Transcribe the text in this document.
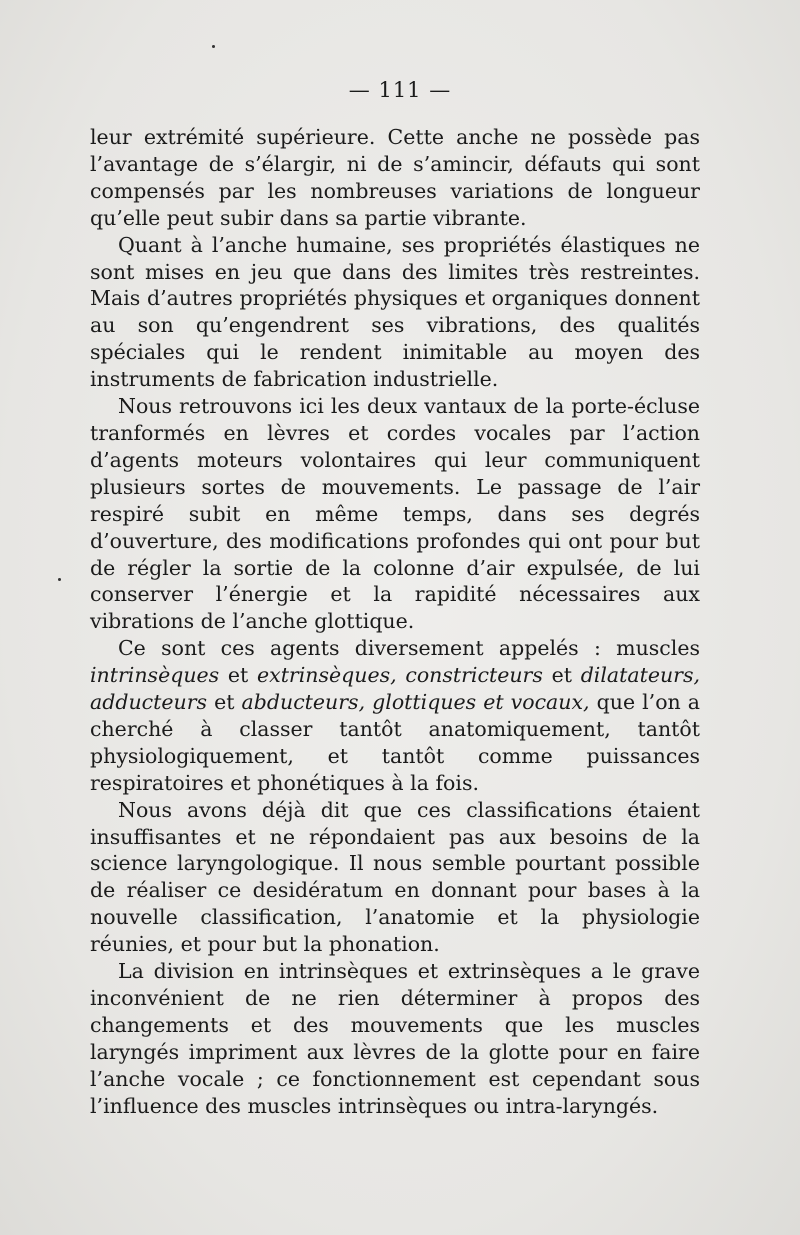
— 111 —

leur extrémité supérieure. Cette anche ne possède pas l’avantage de s’élargir, ni de s’amincir, défauts qui sont compensés par les nombreuses variations de longueur qu’elle peut subir dans sa partie vibrante.

Quant à l’anche humaine, ses propriétés élastiques ne sont mises en jeu que dans des limites très restreintes. Mais d’autres propriétés physiques et organiques donnent au son qu’engendrent ses vibrations, des qualités spéciales qui le rendent inimitable au moyen des instruments de fabrication industrielle.

Nous retrouvons ici les deux vantaux de la porte-écluse tranformés en lèvres et cordes vocales par l’action d’agents moteurs volontaires qui leur communiquent plusieurs sortes de mouvements. Le passage de l’air respiré subit en même temps, dans ses degrés d’ouverture, des modifications profondes qui ont pour but de régler la sortie de la colonne d’air expulsée, de lui conserver l’énergie et la rapidité nécessaires aux vibrations de l’anche glottique.

Ce sont ces agents diversement appelés : muscles intrinsèques et extrinsèques, constricteurs et dilatateurs, adducteurs et abducteurs, glottiques et vocaux, que l’on a cherché à classer tantôt anatomiquement, tantôt physiologiquement, et tantôt comme puissances respiratoires et phonétiques à la fois.

Nous avons déjà dit que ces classifications étaient insuffisantes et ne répondaient pas aux besoins de la science laryngologique. Il nous semble pourtant possible de réaliser ce desidératum en donnant pour bases à la nouvelle classification, l’anatomie et la physiologie réunies, et pour but la phonation.

La division en intrinsèques et extrinsèques a le grave inconvénient de ne rien déterminer à propos des changements et des mouvements que les muscles laryngés impriment aux lèvres de la glotte pour en faire l’anche vocale ; ce fonctionnement est cependant sous l’influence des muscles intrinsèques ou intra-laryngés.
